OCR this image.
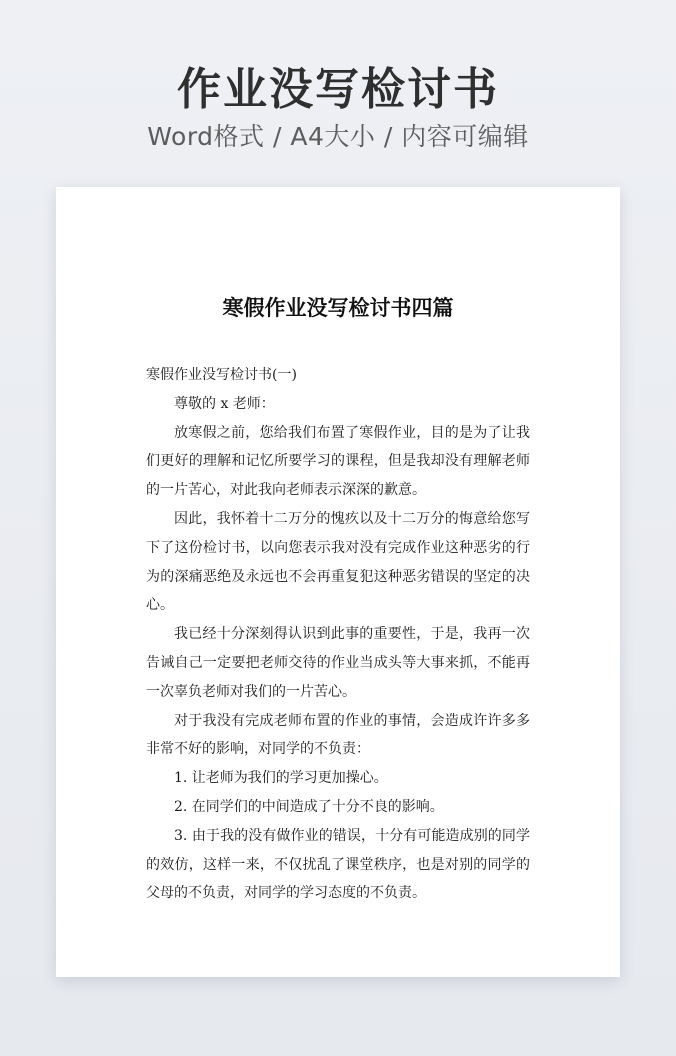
作业没写检讨书
Word格式 / A4大小 / 内容可编辑
寒假作业没写检讨书四篇

寒假作业没写检讨书(一)

尊敬的 x 老师：

放寒假之前，您给我们布置了寒假作业，目的是为了让我们更好的理解和记忆所要学习的课程，但是我却没有理解老师的一片苦心，对此我向老师表示深深的歉意。

因此，我怀着十二万分的愧疚以及十二万分的悔意给您写下了这份检讨书，以向您表示我对没有完成作业这种恶劣的行为的深痛恶绝及永远也不会再重复犯这种恶劣错误的坚定的决心。

我已经十分深刻得认识到此事的重要性，于是，我再一次告诫自己一定要把老师交待的作业当成头等大事来抓，不能再一次辜负老师对我们的一片苦心。

对于我没有完成老师布置的作业的事情，会造成许许多多非常不好的影响，对同学的不负责：

1. 让老师为我们的学习更加操心。

2. 在同学们的中间造成了十分不良的影响。

3. 由于我的没有做作业的错误，十分有可能造成别的同学的效仿，这样一来，不仅扰乱了课堂秩序，也是对别的同学的父母的不负责，对同学的学习态度的不负责。
